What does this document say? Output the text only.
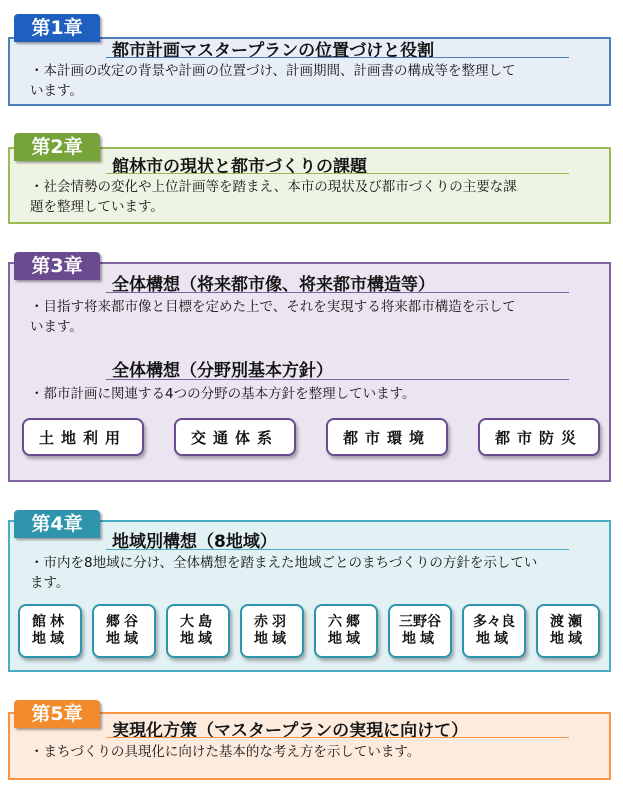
都市計画マスタープランの位置づけと役割
・本計画の改定の背景や計画の位置づけ、計画期間、計画書の構成等を整理して
います。
第1章
館林市の現状と都市づくりの課題
・社会情勢の変化や上位計画等を踏まえ、本市の現状及び都市づくりの主要な課
題を整理しています。
第2章
全体構想（将来都市像、将来都市構造等）
・目指す将来都市像と目標を定めた上で、それを実現する将来都市構造を示して
います。
全体構想（分野別基本方針）
・都市計画に関連する4つの分野の基本方針を整理しています。
土地利用	交通体系	都市環境	都市防災
第3章
地域別構想（8地域）
・市内を8地域に分け、全体構想を踏まえた地域ごとのまちづくりの方針を示してい
ます。
館林
地域
郷谷
地域
大島
地域
赤羽
地域
六郷
地域
三野谷
地域
多々良
地域
渡瀬
地域
第4章
実現化方策（マスタープランの実現に向けて）
・まちづくりの具現化に向けた基本的な考え方を示しています。
第5章
